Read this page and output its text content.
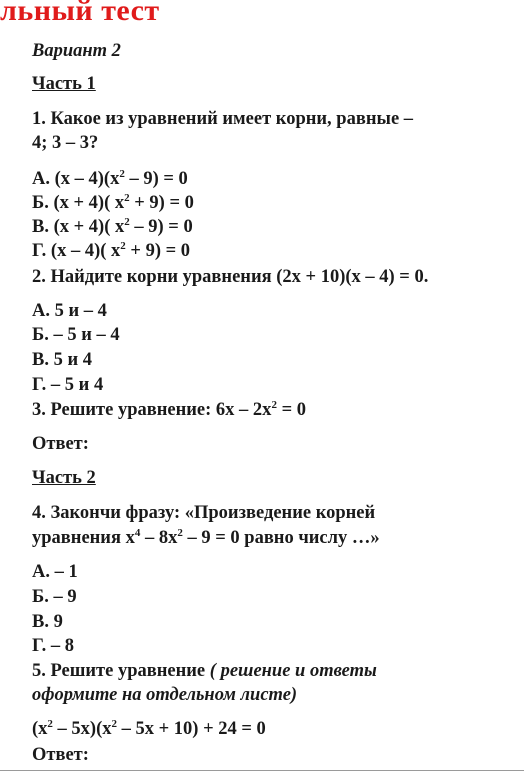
льный тест
Вариант 2
Часть 1
1. Какое из уравнений имеет корни, равные –
4; 3 – 3?
А. $(x - 4)(x^2 - 9) = 0$
Б. (x + 4)( $x^2 + 9) = 0$
В. (x + 4)( $x^2 - 9) = 0$
Г. (x – 4)( $x^2 + 9) = 0$
2. Найдите корни уравнения (2x + 10)(x – 4) = 0.
А. 5 и – 4
Б. – 5 и – 4
В. 5 и 4
Г. – 5 и 4
3. Решите уравнение: $6x - 2x^2 = 0$
Ответ:
Часть 2
4. Закончи фразу: «Произведение корней
уравнения $x^4 - 8x^2 - 9 = 0$ равно числу …»
А. – 1
Б. – 9
В. 9
Г. – 8
5. Решите уравнение ( решение и ответы
оформите на отдельном листе)
$(x^2 - 5x)(x^2 - 5x + 10) + 24 = 0$
Ответ:
